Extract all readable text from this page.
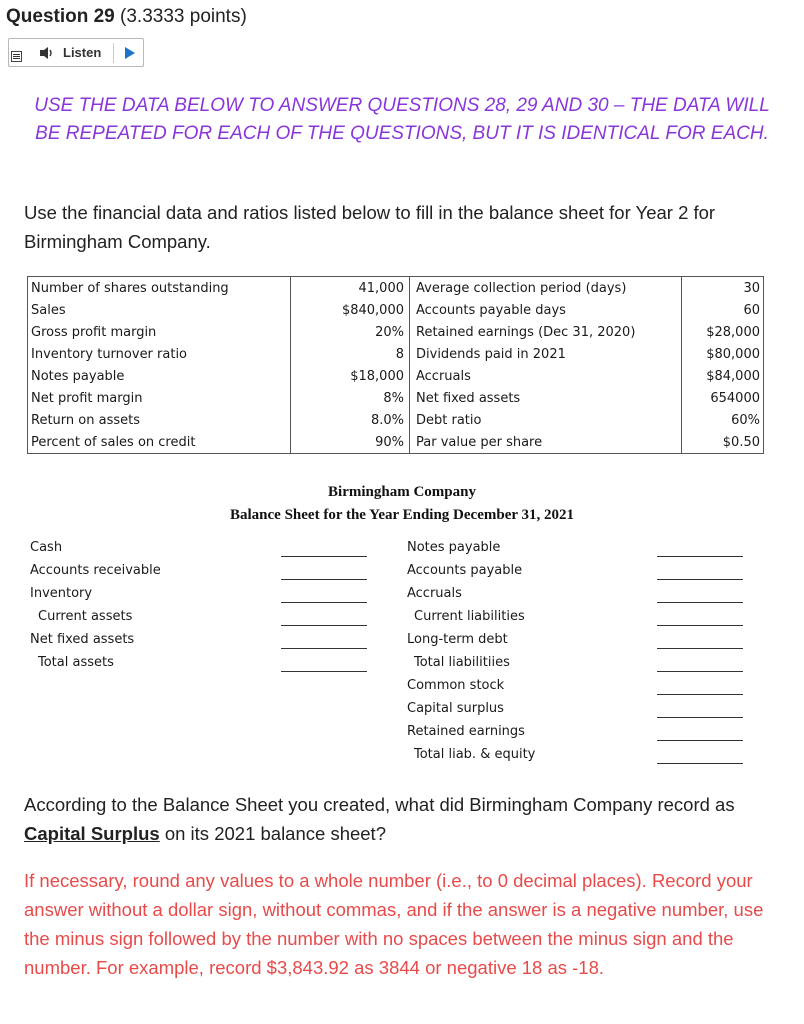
Question 29 (3.3333 points)
Listen
USE THE DATA BELOW TO ANSWER QUESTIONS 28, 29 AND 30 – THE DATA WILL BE REPEATED FOR EACH OF THE QUESTIONS, BUT IT IS IDENTICAL FOR EACH.
Use the financial data and ratios listed below to fill in the balance sheet for Year 2 for Birmingham Company.
Number of shares outstanding	41,000	Average collection period (days)	30
Sales	$840,000	Accounts payable days	60
Gross profit margin	20%	Retained earnings (Dec 31, 2020)	$28,000
Inventory turnover ratio	8	Dividends paid in 2021	$80,000
Notes payable	$18,000	Accruals	$84,000
Net profit margin	8%	Net fixed assets	654000
Return on assets	8.0%	Debt ratio	60%
Percent of sales on credit	90%	Par value per share	$0.50
Birmingham Company
Balance Sheet for the Year Ending December 31, 2021
Cash
Accounts receivable
Inventory
Current assets
Net fixed assets
Total assets
Notes payable
Accounts payable
Accruals
Current liabilities
Long-term debt
Total liabilitiies
Common stock
Capital surplus
Retained earnings
Total liab. & equity
According to the Balance Sheet you created, what did Birmingham Company record as Capital Surplus on its 2021 balance sheet?
If necessary, round any values to a whole number (i.e., to 0 decimal places). Record your answer without a dollar sign, without commas, and if the answer is a negative number, use the minus sign followed by the number with no spaces between the minus sign and the number. For example, record $3,843.92 as 3844 or negative 18 as -18.
